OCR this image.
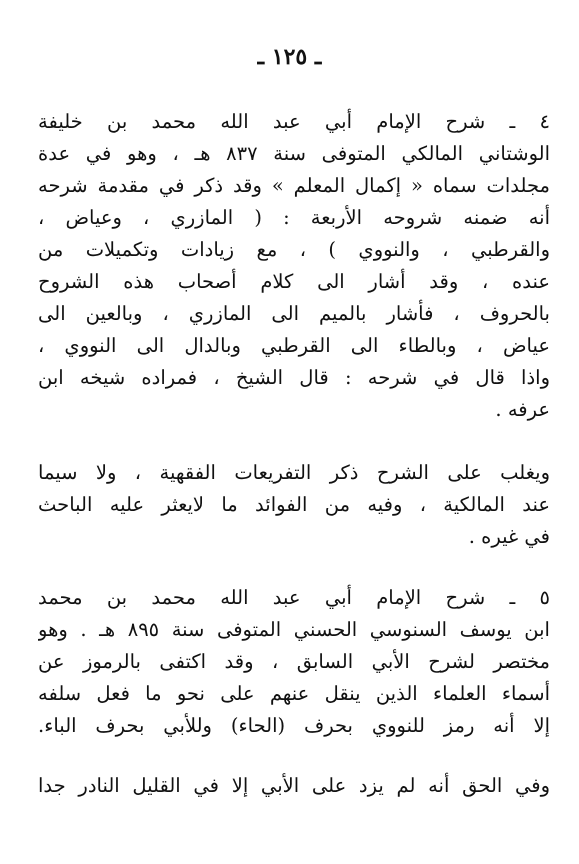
ـ ١٢٥ ـ
٤ ـ شرح الإمام أبي عبد الله محمد بن خليفة
الوشتاني المالكي المتوفى سنة ٨٣٧ هـ ، وهو في عدة
مجلدات سماه « إكمال المعلم » وقد ذكر في مقدمة شرحه
أنه ضمنه شروحه الأربعة : ( المازري ، وعياض ،
والقرطبي ، والنووي ) ، مع زيادات وتكميلات من
عنده ، وقد أشار الى كلام أصحاب هذه الشروح
بالحروف ، فأشار بالميم الى المازري ، وبالعين الى
عياض ، وبالطاء الى القرطبي وبالدال الى النووي ،
واذا قال في شرحه : قال الشيخ ، فمراده شيخه ابن
عرفه .
ويغلب على الشرح ذكر التفريعات الفقهية ، ولا سيما
عند المالكية ، وفيه من الفوائد ما لايعثر عليه الباحث
في غيره .
٥ ـ شرح الإمام أبي عبد الله محمد بن محمد
ابن يوسف السنوسي الحسني المتوفى سنة ٨٩٥ هـ . وهو
مختصر لشرح الأبي السابق ، وقد اكتفى بالرموز عن
أسماء العلماء الذين ينقل عنهم على نحو ما فعل سلفه
إلا أنه رمز للنووي بحرف (الحاء) وللأبي بحرف الباء.
وفي الحق أنه لم يزد على الأبي إلا في القليل النادر جدا
